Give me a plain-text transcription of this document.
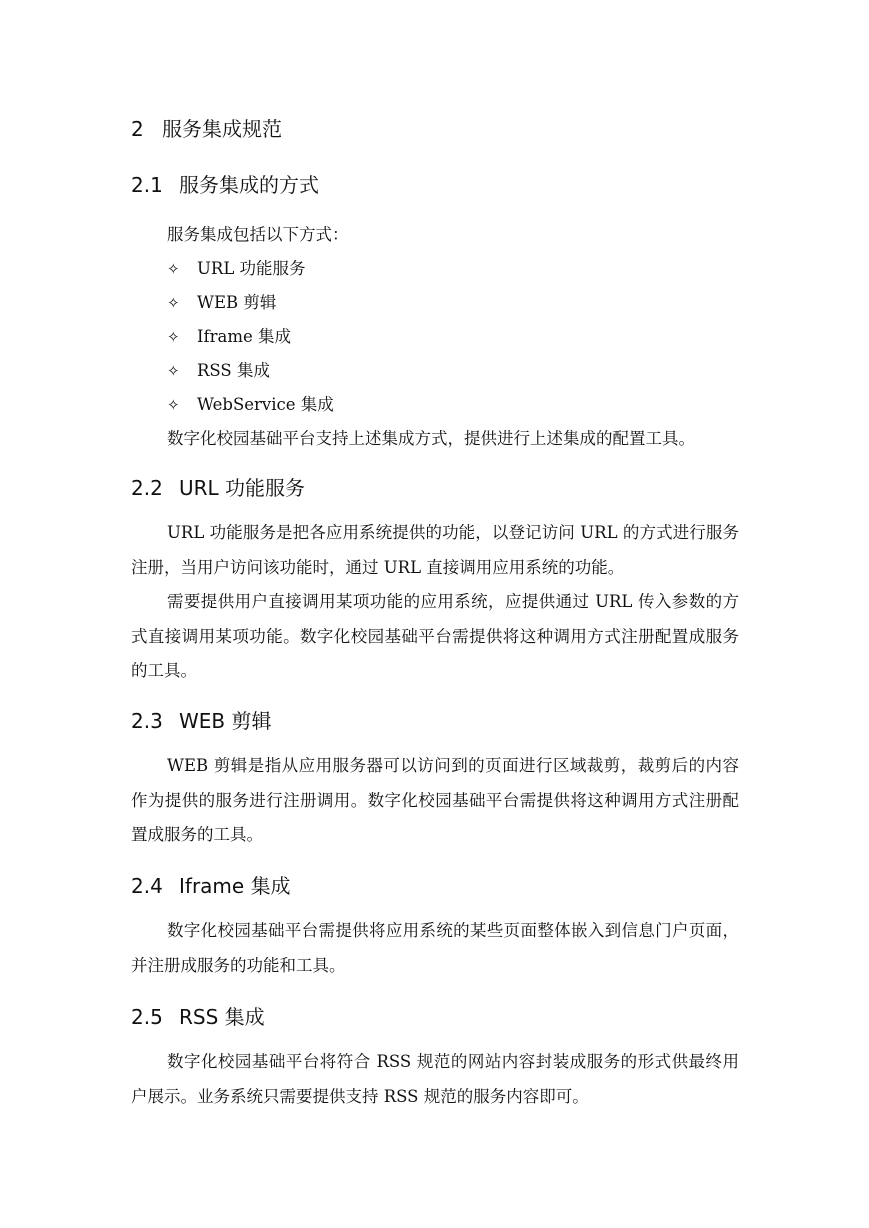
2 服务集成规范
2.1 服务集成的方式
服务集成包括以下方式：
✧ URL 功能服务
✧ WEB 剪辑
✧ Iframe 集成
✧ RSS 集成
✧ WebService 集成
数字化校园基础平台支持上述集成方式，提供进行上述集成的配置工具。
2.2 URL 功能服务
URL 功能服务是把各应用系统提供的功能，以登记访问 URL 的方式进行服务注册，当用户访问该功能时，通过 URL 直接调用应用系统的功能。
需要提供用户直接调用某项功能的应用系统，应提供通过 URL 传入参数的方式直接调用某项功能。数字化校园基础平台需提供将这种调用方式注册配置成服务的工具。
2.3 WEB 剪辑
WEB 剪辑是指从应用服务器可以访问到的页面进行区域裁剪，裁剪后的内容作为提供的服务进行注册调用。数字化校园基础平台需提供将这种调用方式注册配置成服务的工具。
2.4 Iframe 集成
数字化校园基础平台需提供将应用系统的某些页面整体嵌入到信息门户页面，并注册成服务的功能和工具。
2.5 RSS 集成
数字化校园基础平台将符合 RSS 规范的网站内容封装成服务的形式供最终用户展示。业务系统只需要提供支持 RSS 规范的服务内容即可。
